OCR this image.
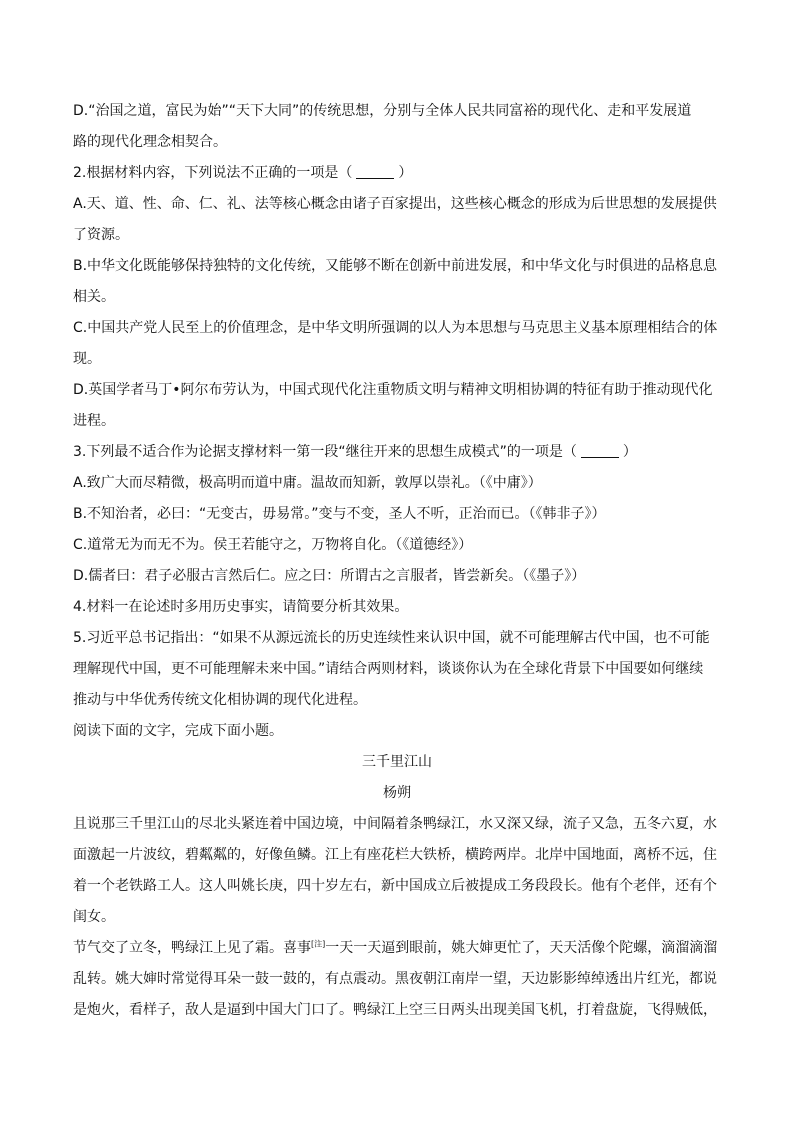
D.“治国之道，富民为始”“天下大同”的传统思想，分别与全体人民共同富裕的现代化、走和平发展道
路的现代化理念相契合。
2.根据材料内容，下列说法不正确的一项是（	）
A.天、道、性、命、仁、礼、法等核心概念由诸子百家提出，这些核心概念的形成为后世思想的发展提供
了资源。
B.中华文化既能够保持独特的文化传统，又能够不断在创新中前进发展，和中华文化与时俱进的品格息息
相关。
C.中国共产党人民至上的价值理念，是中华文明所强调的以人为本思想与马克思主义基本原理相结合的体
现。
D.英国学者马丁•阿尔布劳认为，中国式现代化注重物质文明与精神文明相协调的特征有助于推动现代化
进程。
3.下列最不适合作为论据支撑材料一第一段“继往开来的思想生成模式”的一项是（	）
A.致广大而尽精微，极高明而道中庸。温故而知新，敦厚以崇礼。（《中庸》）
B.不知治者，必曰：“无变古，毋易常。”变与不变，圣人不听，正治而已。（《韩非子》）
C.道常无为而无不为。侯王若能守之，万物将自化。（《道德经》）
D.儒者曰：君子必服古言然后仁。应之曰：所谓古之言服者，皆尝新矣。（《墨子》）
4.材料一在论述时多用历史事实，请简要分析其效果。
5.习近平总书记指出：“如果不从源远流长的历史连续性来认识中国，就不可能理解古代中国，也不可能
理解现代中国，更不可能理解未来中国。”请结合两则材料，谈谈你认为在全球化背景下中国要如何继续
推动与中华优秀传统文化相协调的现代化进程。
阅读下面的文字，完成下面小题。
三千里江山
杨朔
且说那三千里江山的尽北头紧连着中国边境，中间隔着条鸭绿江，水又深又绿，流子又急，五冬六夏，水
面激起一片波纹，碧粼粼的，好像鱼鳞。江上有座花栏大铁桥，横跨两岸。北岸中国地面，离桥不远，住
着一个老铁路工人。这人叫姚长庚，四十岁左右，新中国成立后被提成工务段段长。他有个老伴，还有个
闺女。
节气交了立冬，鸭绿江上见了霜。喜事[注]一天一天逼到眼前，姚大婶更忙了，天天活像个陀螺，滴溜滴溜
乱转。姚大婶时常觉得耳朵一鼓一鼓的，有点震动。黑夜朝江南岸一望，天边影影绰绰透出片红光，都说
是炮火，看样子，敌人是逼到中国大门口了。鸭绿江上空三日两头出现美国飞机，打着盘旋，飞得贼低，
